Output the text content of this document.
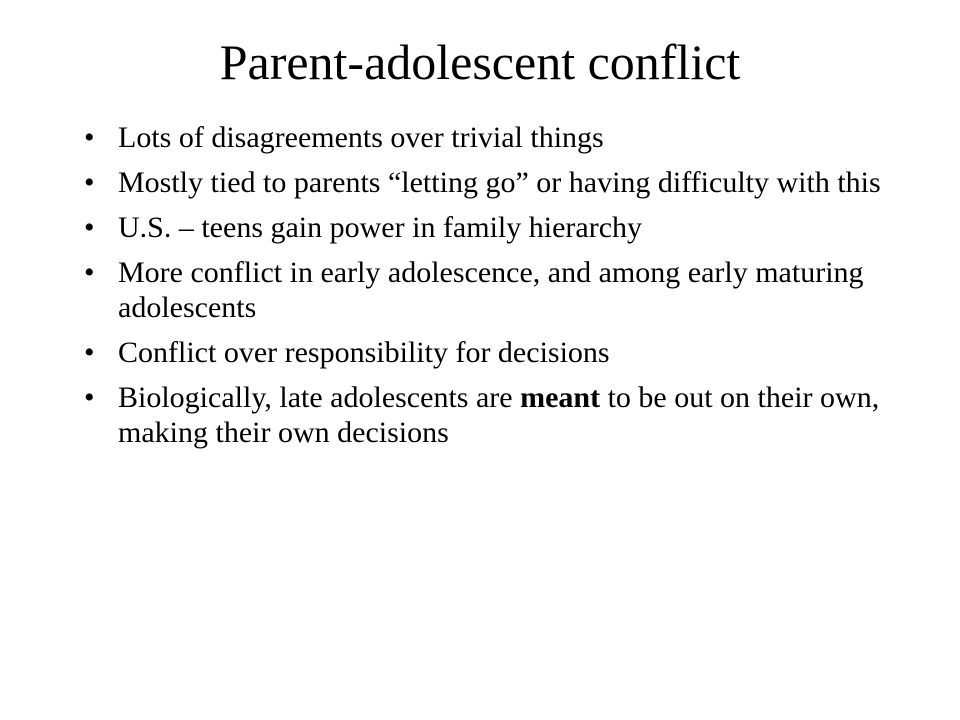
Parent-adolescent conflict
• Lots of disagreements over trivial things
• Mostly tied to parents “letting go” or having difficulty with this
• U.S. – teens gain power in family hierarchy
• More conflict in early adolescence, and among early maturing adolescents
• Conflict over responsibility for decisions
• Biologically, late adolescents are meant to be out on their own, making their own decisions
